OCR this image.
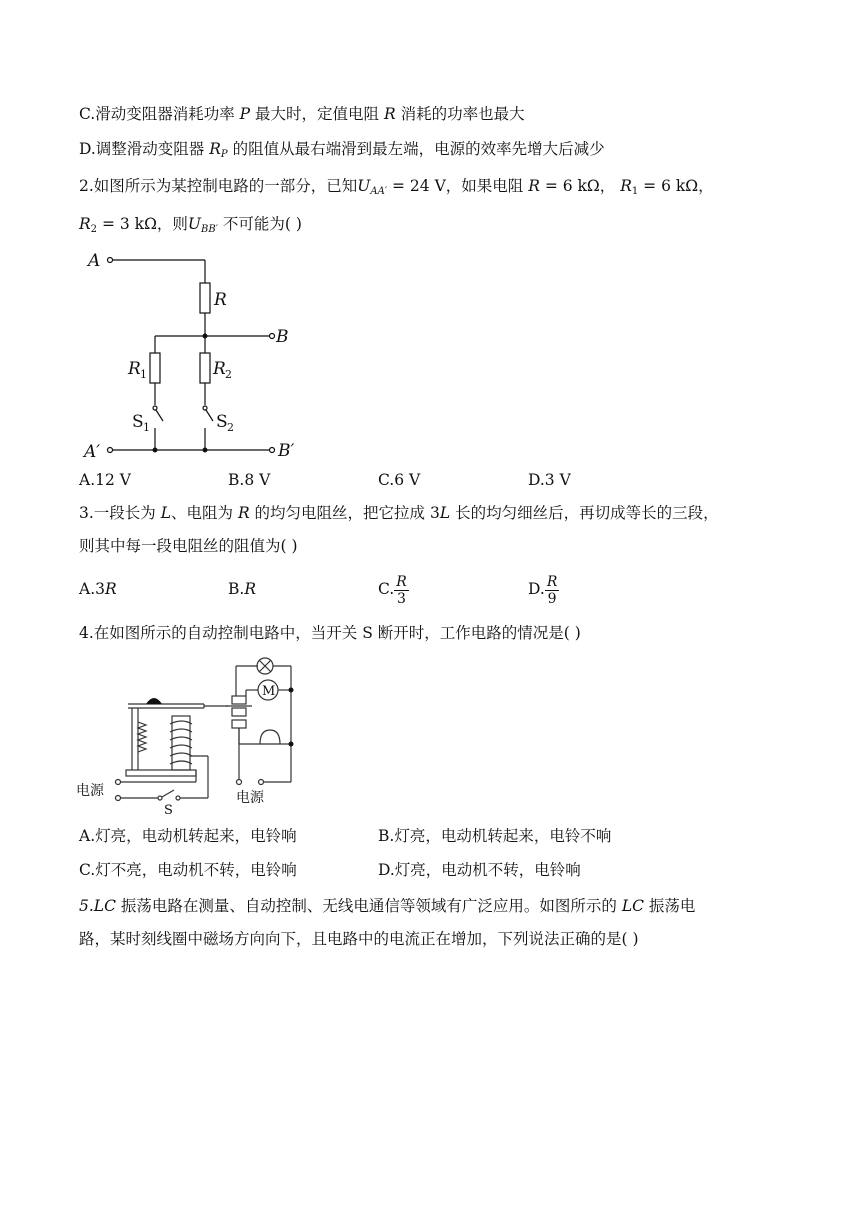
C.滑动变阻器消耗功率 P 最大时，定值电阻 R 消耗的功率也最大
D.调整滑动变阻器 $R_P$ 的阻值从最右端滑到最左端，电源的效率先增大后减少
2.如图所示为某控制电路的一部分，已知$U_{AA'} = 24$ V，如果电阻 R = 6 kΩ， $R_1 = 6$ kΩ，
$R_2 = 3$ kΩ，则$U_{BB'}$ 不可能为( )
A
R
B
R 1	R 2
S 1	S 2
A′	B′
A.12 V	B.8 V	C.6 V	D.3 V
3.一段长为 L、电阻为 R 的均匀电阻丝，把它拉成 3L 长的均匀细丝后，再切成等长的三段，
则其中每一段电阻丝的阻值为( )
A.3R	B.R	C. $\frac{R}{3}$	D. $\frac{R}{9}$
4.在如图所示的自动控制电路中，当开关 S 断开时，工作电路的情况是( )
M
电源
S
电源
A.灯亮，电动机转起来，电铃响	B.灯亮，电动机转起来，电铃不响
C.灯不亮，电动机不转，电铃响	D.灯亮，电动机不转，电铃响
5.LC 振荡电路在测量、自动控制、无线电通信等领域有广泛应用。如图所示的 LC 振荡电
路，某时刻线圈中磁场方向向下，且电路中的电流正在增加，下列说法正确的是( )
